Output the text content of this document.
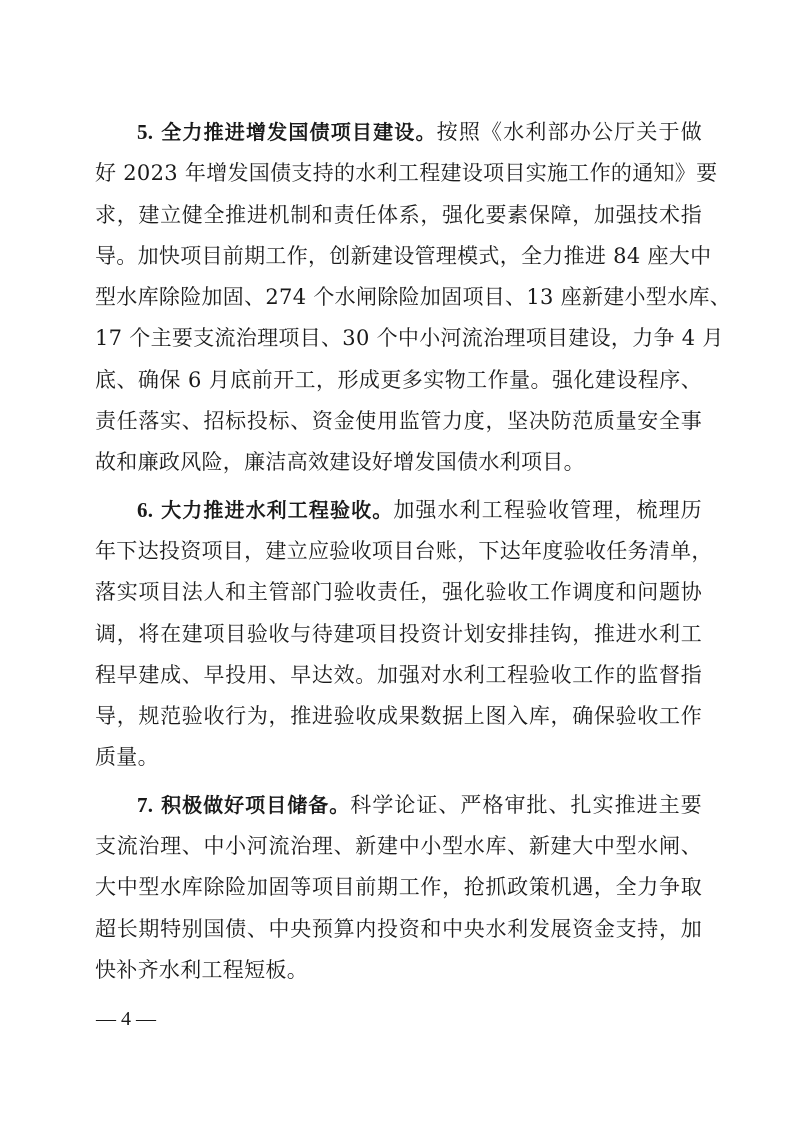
5. 全力推进增发国债项目建设。按照《水利部办公厅关于做
好 2023 年增发国债支持的水利工程建设项目实施工作的通知》要
求，建立健全推进机制和责任体系，强化要素保障，加强技术指
导。加快项目前期工作，创新建设管理模式，全力推进 84 座大中
型水库除险加固、274 个水闸除险加固项目、13 座新建小型水库、
17 个主要支流治理项目、30 个中小河流治理项目建设，力争 4 月
底、确保 6 月底前开工，形成更多实物工作量。强化建设程序、
责任落实、招标投标、资金使用监管力度，坚决防范质量安全事
故和廉政风险，廉洁高效建设好增发国债水利项目。
6. 大力推进水利工程验收。加强水利工程验收管理，梳理历
年下达投资项目，建立应验收项目台账，下达年度验收任务清单，
落实项目法人和主管部门验收责任，强化验收工作调度和问题协
调，将在建项目验收与待建项目投资计划安排挂钩，推进水利工
程早建成、早投用、早达效。加强对水利工程验收工作的监督指
导，规范验收行为，推进验收成果数据上图入库，确保验收工作
质量。
7. 积极做好项目储备。科学论证、严格审批、扎实推进主要
支流治理、中小河流治理、新建中小型水库、新建大中型水闸、
大中型水库除险加固等项目前期工作，抢抓政策机遇，全力争取
超长期特别国债、中央预算内投资和中央水利发展资金支持，加
快补齐水利工程短板。
— 4 —
